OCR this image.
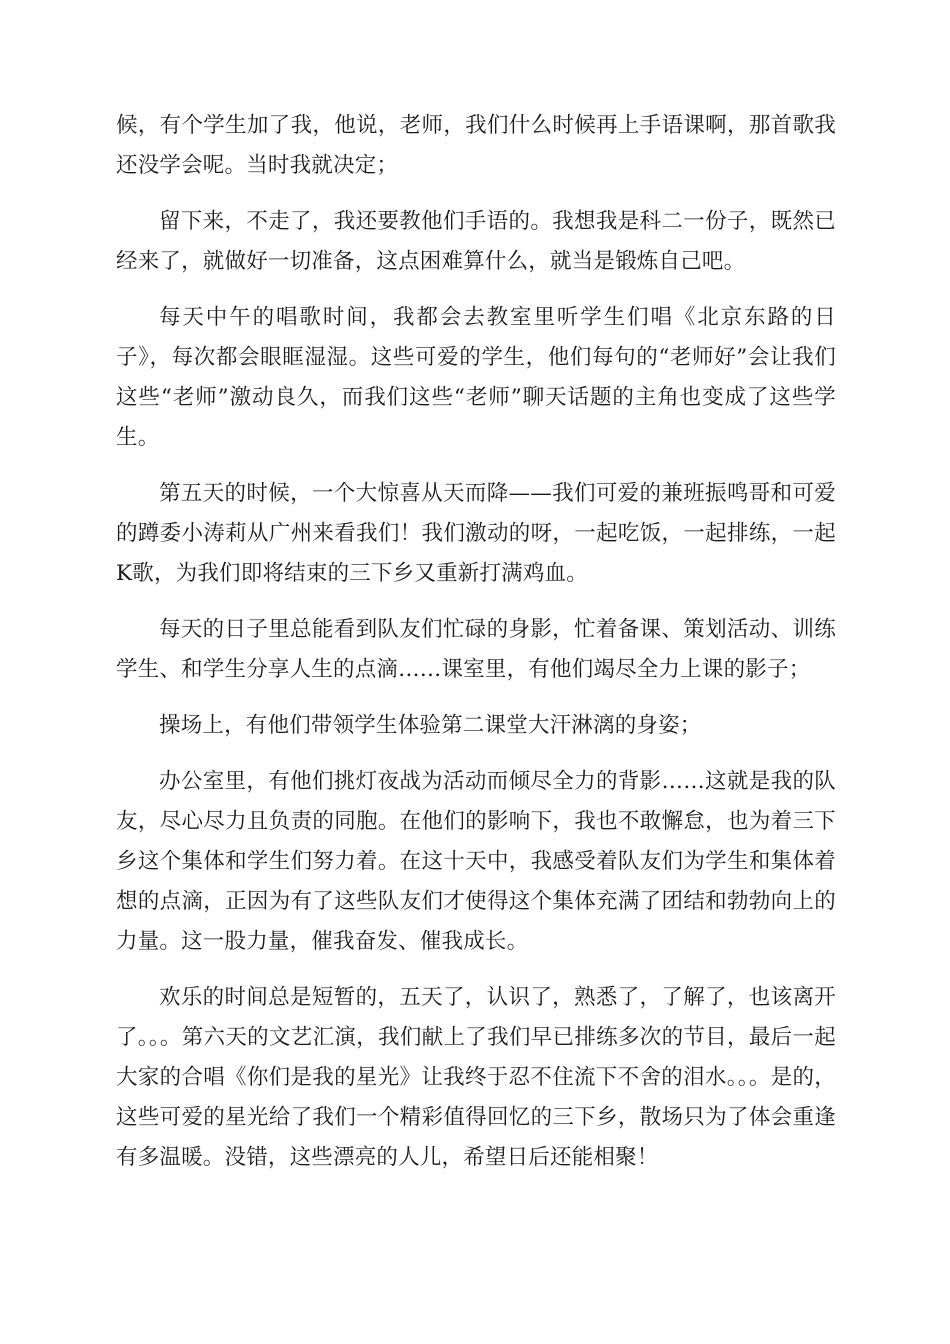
候，有个学生加了我，他说，老师，我们什么时候再上手语课啊，那首歌我还没学会呢。当时我就决定；

留下来，不走了，我还要教他们手语的。我想我是科二一份子，既然已经来了，就做好一切准备，这点困难算什么，就当是锻炼自己吧。

每天中午的唱歌时间，我都会去教室里听学生们唱《北京东路的日子》，每次都会眼眶湿湿。这些可爱的学生，他们每句的“老师好”会让我们这些“老师”激动良久，而我们这些“老师”聊天话题的主角也变成了这些学生。

第五天的时候，一个大惊喜从天而降——我们可爱的兼班振鸣哥和可爱的蹲委小涛莉从广州来看我们！我们激动的呀，一起吃饭，一起排练，一起K歌，为我们即将结束的三下乡又重新打满鸡血。

每天的日子里总能看到队友们忙碌的身影，忙着备课、策划活动、训练学生、和学生分享人生的点滴……课室里，有他们竭尽全力上课的影子；

操场上，有他们带领学生体验第二课堂大汗淋漓的身姿；

办公室里，有他们挑灯夜战为活动而倾尽全力的背影……这就是我的队友，尽心尽力且负责的同胞。在他们的影响下，我也不敢懈怠，也为着三下乡这个集体和学生们努力着。在这十天中，我感受着队友们为学生和集体着想的点滴，正因为有了这些队友们才使得这个集体充满了团结和勃勃向上的力量。这一股力量，催我奋发、催我成长。

欢乐的时间总是短暂的，五天了，认识了，熟悉了，了解了，也该离开了。。。第六天的文艺汇演，我们献上了我们早已排练多次的节目，最后一起大家的合唱《你们是我的星光》让我终于忍不住流下不舍的泪水。。。是的，这些可爱的星光给了我们一个精彩值得回忆的三下乡，散场只为了体会重逢有多温暖。没错，这些漂亮的人儿，希望日后还能相聚！
